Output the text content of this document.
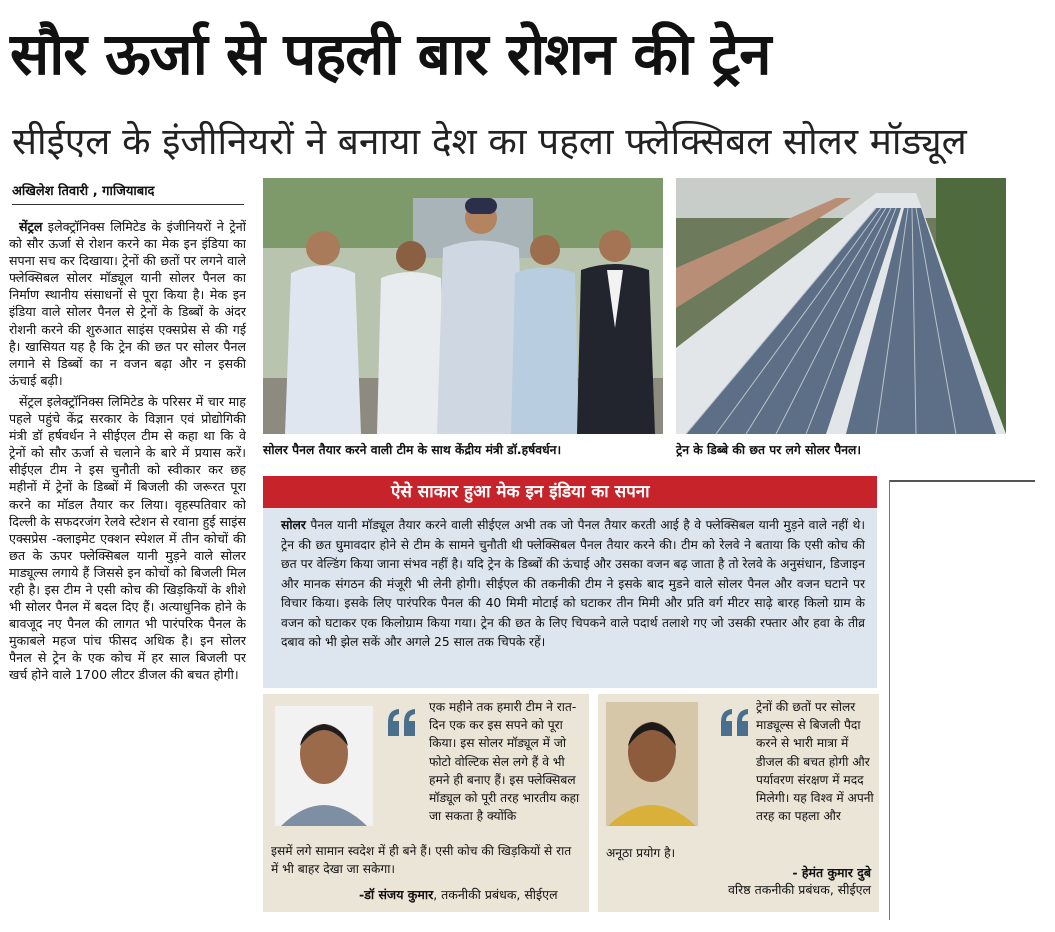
सौर ऊर्जा से पहली बार रोशन की ट्रेन
सीईएल के इंजीनियरों ने बनाया देश का पहला फ्लेक्सिबल सोलर मॉड्यूल
अखिलेश तिवारी , गाजियाबाद

सेंट्रल इलेक्ट्रॉनिक्स लिमिटेड के इंजीनियरों ने ट्रेनों को सौर ऊर्जा से रोशन करने का मेक इन इंडिया का सपना सच कर दिखाया। ट्रेनों की छतों पर लगने वाले फ्लेक्सिबल सोलर मॉड्यूल यानी सोलर पैनल का निर्माण स्थानीय संसाधनों से पूरा किया है। मेक इन इंडिया वाले सोलर पैनल से ट्रेनों के डिब्बों के अंदर रोशनी करने की शुरुआत साइंस एक्सप्रेस से की गई है। खासियत यह है कि ट्रेन की छत पर सोलर पैनल लगाने से डिब्बों का न वजन बढ़ा और न इसकी ऊंचाई बढ़ी।

सेंट्रल इलेक्ट्रॉनिक्स लिमिटेड के परिसर में चार माह पहले पहुंचे केंद्र सरकार के विज्ञान एवं प्रोद्योगिकी मंत्री डॉ हर्षवर्धन ने सीईएल टीम से कहा था कि वे ट्रेनों को सौर ऊर्जा से चलाने के बारे में प्रयास करें। सीईएल टीम ने इस चुनौती को स्वीकार कर छह महीनों में ट्रेनों के डिब्बों में बिजली की जरूरत पूरा करने का मॉडल तैयार कर लिया। वृहस्पतिवार को दिल्ली के सफदरजंग रेलवे स्टेशन से रवाना हुई साइंस एक्सप्रेस -क्लाइमेट एक्शन स्पेशल में तीन कोचों की छत के ऊपर फ्लेक्सिबल यानी मुड़ने वाले सोलर माड्यूल्स लगाये हैं जिससे इन कोचों को बिजली मिल रही है। इस टीम ने एसी कोच की खिड़कियों के शीशे भी सोलर पैनल में बदल दिए हैं। अत्याधुनिक होने के बावजूद नए पैनल की लागत भी पारंपरिक पैनल के मुकाबले महज पांच फीसद अधिक है। इन सोलर पैनल से ट्रेन के एक कोच में हर साल बिजली पर खर्च होने वाले 1700 लीटर डीजल की बचत होगी।

सोलर पैनल तैयार करने वाली टीम के साथ केंद्रीय मंत्री डॉ.हर्षवर्धन।	ट्रेन के डिब्बे की छत पर लगे सोलर पैनल।
ऐसे साकार हुआ मेक इन इंडिया का सपना
सोलर पैनल यानी मॉड्यूल तैयार करने वाली सीईएल अभी तक जो पैनल तैयार करती आई है वे फ्लेक्सिबल यानी मुड़ने वाले नहीं थे। ट्रेन की छत घुमावदार होने से टीम के सामने चुनौती थी फ्लेक्सिबल पैनल तैयार करने की। टीम को रेलवे ने बताया कि एसी कोच की छत पर वेल्डिंग किया जाना संभव नहीं है। यदि ट्रेन के डिब्बों की ऊंचाई और उसका वजन बढ़ जाता है तो रेलवे के अनुसंधान, डिजाइन और मानक संगठन की मंजूरी भी लेनी होगी। सीईएल की तकनीकी टीम ने इसके बाद मुडने वाले सोलर पैनल और वजन घटाने पर विचार किया। इसके लिए पारंपरिक पैनल की 40 मिमी मोटाई को घटाकर तीन मिमी और प्रति वर्ग मीटर साढ़े बारह किलो ग्राम के वजन को घटाकर एक किलोग्राम किया गया। ट्रेन की छत के लिए चिपकने वाले पदार्थ तलाशे गए जो उसकी रफ्तार और हवा के तीव्र दबाव को भी झेल सकें और अगले 25 साल तक चिपके रहें।
एक महीने तक हमारी टीम ने रात-दिन एक कर इस सपने को पूरा किया। इस सोलर मॉड्यूल में जो फोटो वोल्टिक सेल लगे हैं वे भी हमने ही बनाए हैं। इस फ्लेक्सिबल मॉड्यूल को पूरी तरह भारतीय कहा जा सकता है क्योंकि
इसमें लगे सामान स्वदेश में ही बने हैं। एसी कोच की खिड़कियों से रात में भी बाहर देखा जा सकेगा।
-डॉ संजय कुमार, तकनीकी प्रबंधक, सीईएल
ट्रेनों की छतों पर सोलर माड्यूल्स से बिजली पैदा करने से भारी मात्रा में डीजल की बचत होगी और पर्यावरण संरक्षण में मदद मिलेगी। यह विश्व में अपनी तरह का पहला और
अनूठा प्रयोग है।
- हेमंत कुमार दुबे
वरिष्ठ तकनीकी प्रबंधक, सीईएल
